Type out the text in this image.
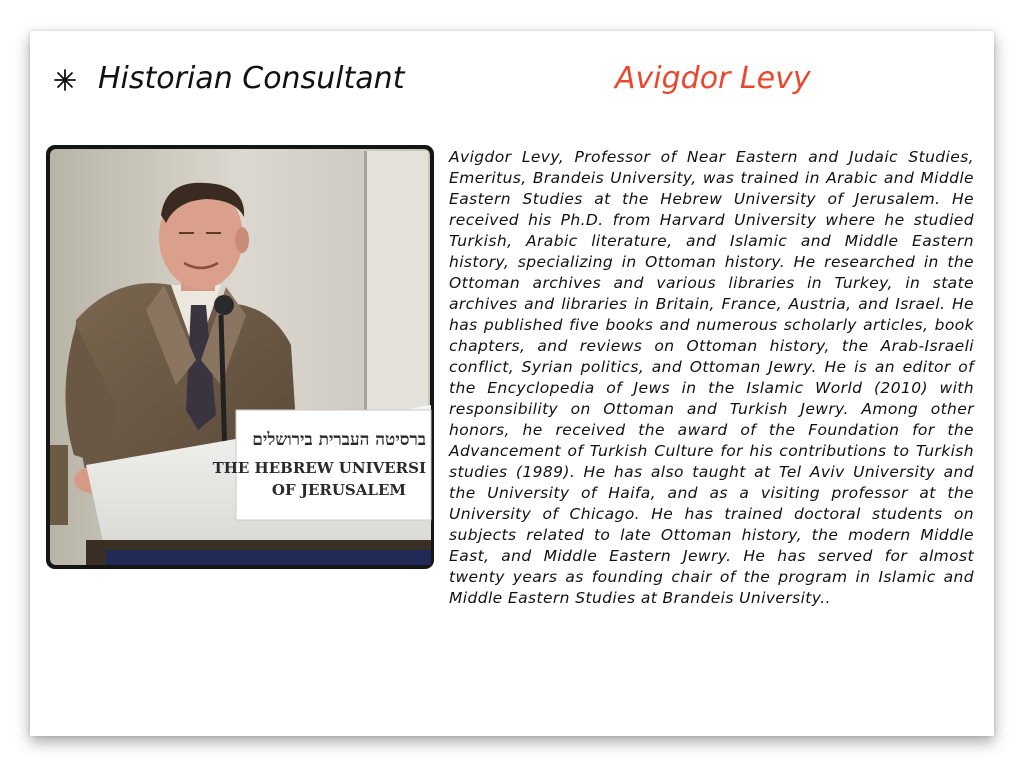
Historian Consultant	Avigdor Levy
ברסיטה העברית בירושלים
THE HEBREW UNIVERSI
OF JERUSALEM

Avigdor Levy, Professor of Near Eastern and Judaic Studies, Emeritus, Brandeis University, was trained in Arabic and Middle Eastern Studies at the Hebrew University of Jerusalem. He received his Ph.D. from Harvard University where he studied Turkish, Arabic literature, and Islamic and Middle Eastern history, specializing in Ottoman history. He researched in the Ottoman archives and various libraries in Turkey, in state archives and libraries in Britain, France, Austria, and Israel. He has published five books and numerous scholarly articles, book chapters, and reviews on Ottoman history, the Arab-Israeli conflict, Syrian politics, and Ottoman Jewry. He is an editor of the Encyclopedia of Jews in the Islamic World (2010) with responsibility on Ottoman and Turkish Jewry. Among other honors, he received the award of the Foundation for the Advancement of Turkish Culture for his contributions to Turkish studies (1989). He has also taught at Tel Aviv University and the University of Haifa, and as a visiting professor at the University of Chicago. He has trained doctoral students on subjects related to late Ottoman history, the modern Middle East, and Middle Eastern Jewry. He has served for almost twenty years as founding chair of the program in Islamic and Middle Eastern Studies at Brandeis University..
